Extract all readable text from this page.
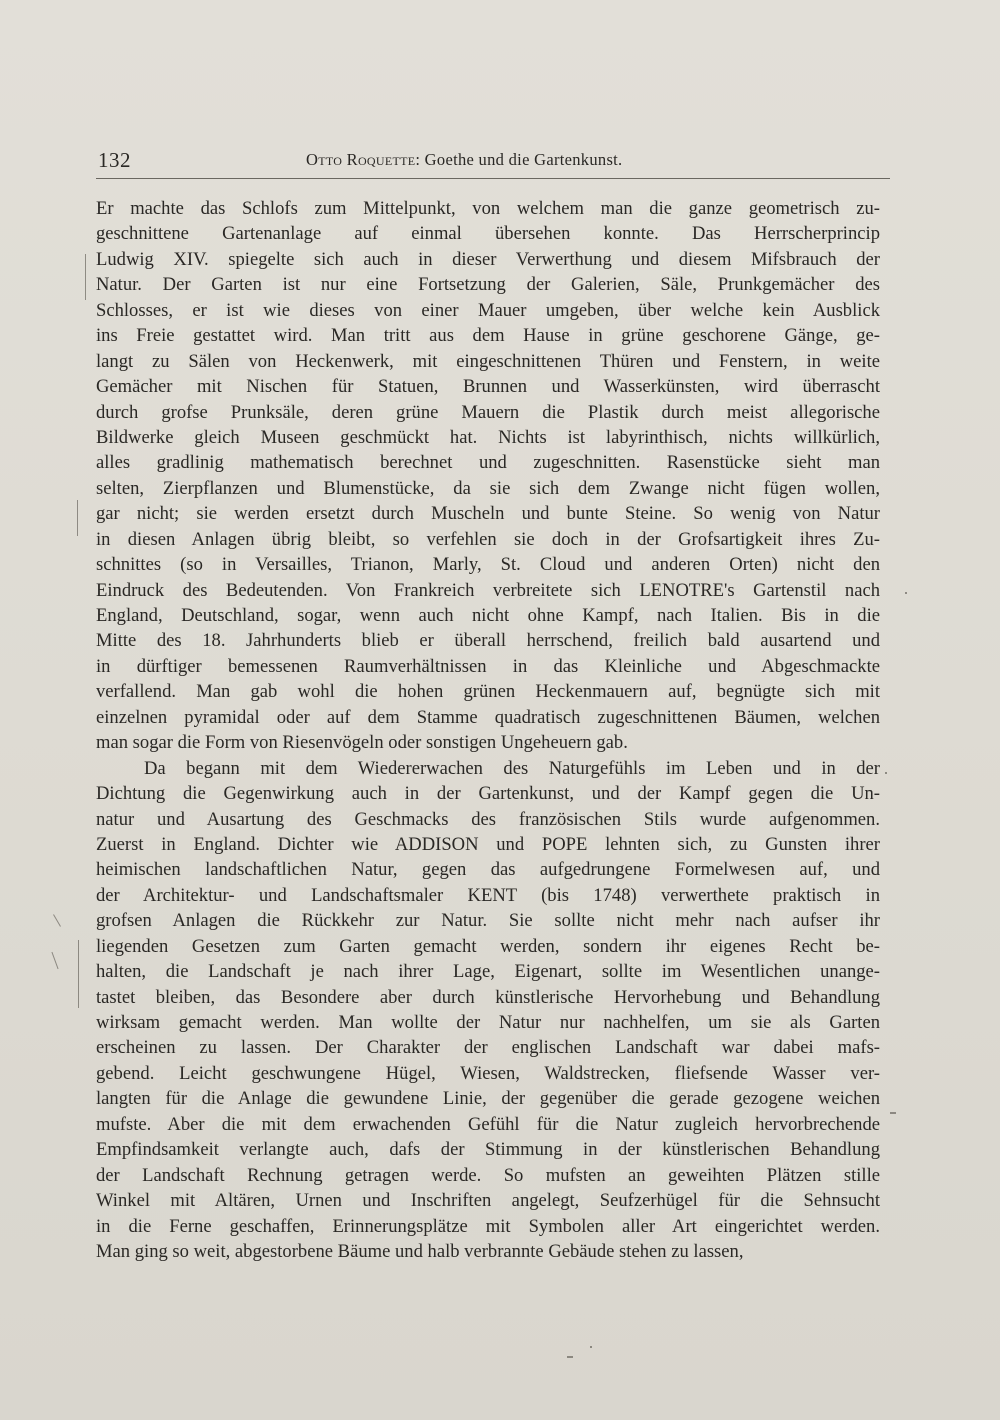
132	Otto Roquette: Goethe und die Gartenkunst.
Er machte das Schlofs zum Mittelpunkt, von welchem man die ganze geometrisch zu-
geschnittene Gartenanlage auf einmal übersehen konnte. Das Herrscherprincip
Ludwig XIV. spiegelte sich auch in dieser Verwerthung und diesem Mifsbrauch der
Natur. Der Garten ist nur eine Fortsetzung der Galerien, Säle, Prunkgemächer des
Schlosses, er ist wie dieses von einer Mauer umgeben, über welche kein Ausblick
ins Freie gestattet wird. Man tritt aus dem Hause in grüne geschorene Gänge, ge-
langt zu Sälen von Heckenwerk, mit eingeschnittenen Thüren und Fenstern, in weite
Gemächer mit Nischen für Statuen, Brunnen und Wasserkünsten, wird überrascht
durch grofse Prunksäle, deren grüne Mauern die Plastik durch meist allegorische
Bildwerke gleich Museen geschmückt hat. Nichts ist labyrinthisch, nichts willkürlich,
alles gradlinig mathematisch berechnet und zugeschnitten. Rasenstücke sieht man
selten, Zierpflanzen und Blumenstücke, da sie sich dem Zwange nicht fügen wollen,
gar nicht; sie werden ersetzt durch Muscheln und bunte Steine. So wenig von Natur
in diesen Anlagen übrig bleibt, so verfehlen sie doch in der Grofsartigkeit ihres Zu-
schnittes (so in Versailles, Trianon, Marly, St. Cloud und anderen Orten) nicht den
Eindruck des Bedeutenden. Von Frankreich verbreitete sich LENOTRE's Gartenstil nach
England, Deutschland, sogar, wenn auch nicht ohne Kampf, nach Italien. Bis in die
Mitte des 18. Jahrhunderts blieb er überall herrschend, freilich bald ausartend und
in dürftiger bemessenen Raumverhältnissen in das Kleinliche und Abgeschmackte
verfallend. Man gab wohl die hohen grünen Heckenmauern auf, begnügte sich mit
einzelnen pyramidal oder auf dem Stamme quadratisch zugeschnittenen Bäumen, welchen
man sogar die Form von Riesenvögeln oder sonstigen Ungeheuern gab.
Da begann mit dem Wiedererwachen des Naturgefühls im Leben und in der
Dichtung die Gegenwirkung auch in der Gartenkunst, und der Kampf gegen die Un-
natur und Ausartung des Geschmacks des französischen Stils wurde aufgenommen.
Zuerst in England. Dichter wie ADDISON und POPE lehnten sich, zu Gunsten ihrer
heimischen landschaftlichen Natur, gegen das aufgedrungene Formelwesen auf, und
der Architektur- und Landschaftsmaler KENT (bis 1748) verwerthete praktisch in
grofsen Anlagen die Rückkehr zur Natur. Sie sollte nicht mehr nach aufser ihr
liegenden Gesetzen zum Garten gemacht werden, sondern ihr eigenes Recht be-
halten, die Landschaft je nach ihrer Lage, Eigenart, sollte im Wesentlichen unange-
tastet bleiben, das Besondere aber durch künstlerische Hervorhebung und Behandlung
wirksam gemacht werden. Man wollte der Natur nur nachhelfen, um sie als Garten
erscheinen zu lassen. Der Charakter der englischen Landschaft war dabei mafs-
gebend. Leicht geschwungene Hügel, Wiesen, Waldstrecken, fliefsende Wasser ver-
langten für die Anlage die gewundene Linie, der gegenüber die gerade gezogene weichen
mufste. Aber die mit dem erwachenden Gefühl für die Natur zugleich hervorbrechende
Empfindsamkeit verlangte auch, dafs der Stimmung in der künstlerischen Behandlung
der Landschaft Rechnung getragen werde. So mufsten an geweihten Plätzen stille
Winkel mit Altären, Urnen und Inschriften angelegt, Seufzerhügel für die Sehnsucht
in die Ferne geschaffen, Erinnerungsplätze mit Symbolen aller Art eingerichtet werden.
Man ging so weit, abgestorbene Bäume und halb verbrannte Gebäude stehen zu lassen,
